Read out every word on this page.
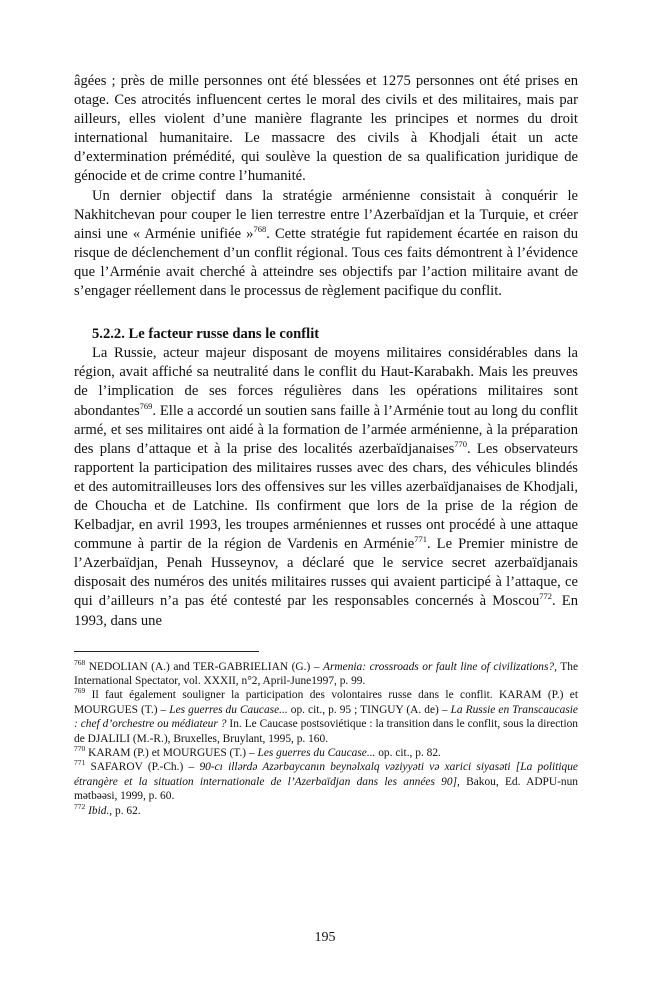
âgées ; près de mille personnes ont été blessées et 1275 personnes ont été prises en otage. Ces atrocités influencent certes le moral des civils et des militaires, mais par ailleurs, elles violent d’une manière flagrante les principes et normes du droit international humanitaire. Le massacre des civils à Khodjali était un acte d’extermination prémédité, qui soulève la question de sa qualification juridique de génocide et de crime contre l’humanité.

Un dernier objectif dans la stratégie arménienne consistait à conquérir le Nakhitchevan pour couper le lien terrestre entre l’Azerbaïdjan et la Turquie, et créer ainsi une « Arménie unifiée »$^{768}$. Cette stratégie fut rapidement écartée en raison du risque de déclenchement d’un conflit régional. Tous ces faits démontrent à l’évidence que l’Arménie avait cherché à atteindre ses objectifs par l’action militaire avant de s’engager réellement dans le processus de règlement pacifique du conflit.

5.2.2. Le facteur russe dans le conflit

La Russie, acteur majeur disposant de moyens militaires considérables dans la région, avait affiché sa neutralité dans le conflit du Haut-Karabakh. Mais les preuves de l’implication de ses forces régulières dans les opérations militaires sont abondantes$^{769}$. Elle a accordé un soutien sans faille à l’Arménie tout au long du conflit armé, et ses militaires ont aidé à la formation de l’armée arménienne, à la préparation des plans d’attaque et à la prise des localités azerbaïdjanaises$^{770}$. Les observateurs rapportent la participation des militaires russes avec des chars, des véhicules blindés et des automitrailleuses lors des offensives sur les villes azerbaïdjanaises de Khodjali, de Choucha et de Latchine. Ils confirment que lors de la prise de la région de Kelbadjar, en avril 1993, les troupes arméniennes et russes ont procédé à une attaque commune à partir de la région de Vardenis en Arménie$^{771}$. Le Premier ministre de l’Azerbaïdjan, Penah Husseynov, a déclaré que le service secret azerbaïdjanais disposait des numéros des unités militaires russes qui avaient participé à l’attaque, ce qui d’ailleurs n’a pas été contesté par les responsables concernés à Moscou$^{772}$. En 1993, dans une

$^{768}$ NEDOLIAN (A.) and TER-GABRIELIAN (G.) – Armenia: crossroads or fault line of civilizations?, The International Spectator, vol. XXXII, n°2, April-June1997, p. 99.

$^{769}$ Il faut également souligner la participation des volontaires russe dans le conflit. KARAM (P.) et MOURGUES (T.) – Les guerres du Caucase... op. cit., p. 95 ; TINGUY (A. de) – La Russie en Transcaucasie : chef d’orchestre ou médiateur ? In. Le Caucase postsoviétique : la transition dans le conflit, sous la direction de DJALILI (M.-R.), Bruxelles, Bruylant, 1995, p. 160.

$^{770}$ KARAM (P.) et MOURGUES (T.) – Les guerres du Caucase... op. cit., p. 82.

$^{771}$ SAFAROV (P.-Ch.) – 90-cı illərdə Azərbaycanın beynəlxalq vəziyyəti və xarici siyasəti [La politique étrangère et la situation internationale de l’Azerbaïdjan dans les années 90], Bakou, Ed. ADPU-nun mətbəəsi, 1999, p. 60.

$^{772}$ Ibid., p. 62.

195
